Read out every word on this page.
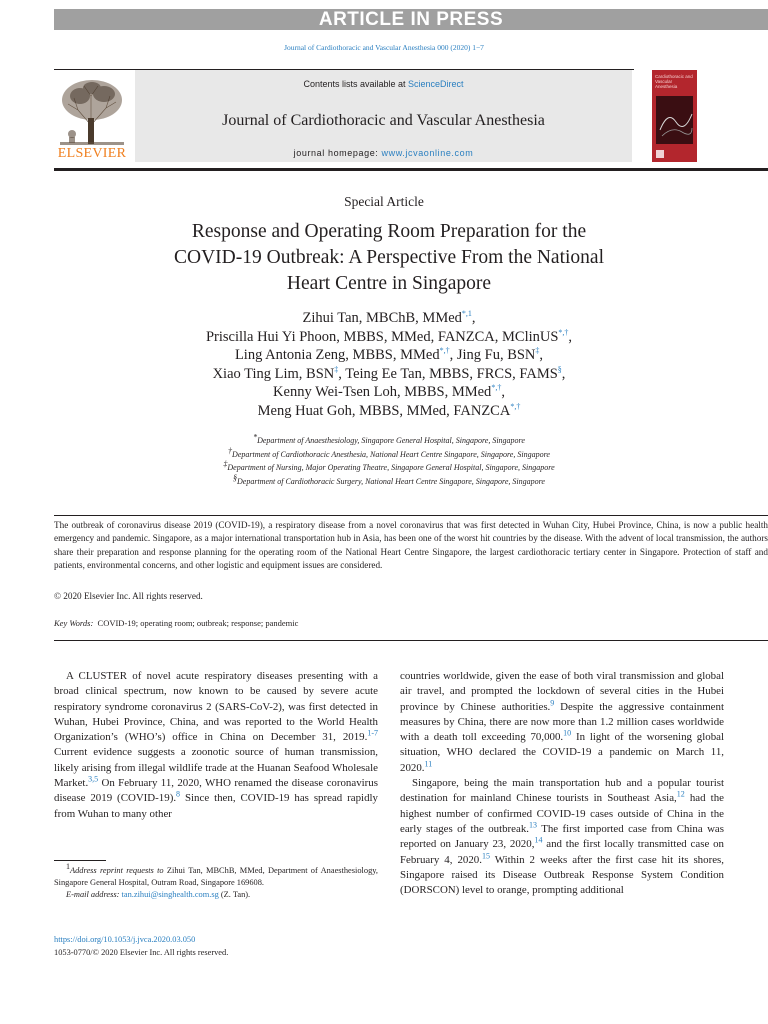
ARTICLE IN PRESS
Journal of Cardiothoracic and Vascular Anesthesia 000 (2020) 1−7
ELSEVIER
Contents lists available at ScienceDirect
Journal of Cardiothoracic and Vascular Anesthesia
journal homepage: www.jcvaonline.com
Cardiothoracic and Vascular Anesthesia
Special Article
Response and Operating Room Preparation for the
COVID-19 Outbreak: A Perspective From the National
Heart Centre in Singapore
Zihui Tan, MBChB, MMed$^{*,1}$,
Priscilla Hui Yi Phoon, MBBS, MMed, FANZCA, MClinUS*,†,
Ling Antonia Zeng, MBBS, MMed*,†, Jing Fu, BSN‡,
Xiao Ting Lim, BSN‡, Teing Ee Tan, MBBS, FRCS, FAMS§,
Kenny Wei-Tsen Loh, MBBS, MMed*,†,
Meng Huat Goh, MBBS, MMed, FANZCA*,†
*Department of Anaesthesiology, Singapore General Hospital, Singapore, Singapore
†Department of Cardiothoracic Anesthesia, National Heart Centre Singapore, Singapore, Singapore
‡Department of Nursing, Major Operating Theatre, Singapore General Hospital, Singapore, Singapore
§Department of Cardiothoracic Surgery, National Heart Centre Singapore, Singapore, Singapore
The outbreak of coronavirus disease 2019 (COVID-19), a respiratory disease from a novel coronavirus that was first detected in Wuhan City, Hubei Province, China, is now a public health emergency and pandemic. Singapore, as a major international transportation hub in Asia, has been one of the worst hit countries by the disease. With the advent of local transmission, the authors share their preparation and response planning for the operating room of the National Heart Centre Singapore, the largest cardiothoracic tertiary center in Singapore. Protection of staff and patients, environmental concerns, and other logistic and equipment issues are considered.
© 2020 Elsevier Inc. All rights reserved.
Key Words: COVID-19; operating room; outbreak; response; pandemic

A CLUSTER of novel acute respiratory diseases presenting with a broad clinical spectrum, now known to be caused by severe acute respiratory syndrome coronavirus 2 (SARS-CoV-2), was first detected in Wuhan, Hubei Province, China, and was reported to the World Health Organization’s (WHO’s) office in China on December 31, 2019.$^{1-7}$ Current evidence suggests a zoonotic source of human transmission, likely arising from illegal wildlife trade at the Huanan Seafood Wholesale Market.$^{3,5}$ On February 11, 2020, WHO renamed the disease coronavirus disease 2019 (COVID-19).$^8$ Since then, COVID-19 has spread rapidly from Wuhan to many other

countries worldwide, given the ease of both viral transmission and global air travel, and prompted the lockdown of several cities in the Hubei province by Chinese authorities.$^9$ Despite the aggressive containment measures by China, there are now more than 1.2 million cases worldwide with a death toll exceeding 70,000.10 In light of the worsening global situation, WHO declared the COVID-19 a pandemic on March 11, 2020.11

Singapore, being the main transportation hub and a popular tourist destination for mainland Chinese tourists in Southeast Asia,$^{12}$ had the highest number of confirmed COVID-19 cases outside of China in the early stages of the outbreak.$^{13}$ The first imported case from China was reported on January 23, 2020,14 and the first locally transmitted case on February 4, 2020.15 Within 2 weeks after the first case hit its shores, Singapore raised its Disease Outbreak Response System Condition (DORSCON) level to orange, prompting additional

$^1$Address reprint requests to Zihui Tan, MBChB, MMed, Department of Anaesthesiology, Singapore General Hospital, Outram Road, Singapore 169608.

E-mail address: tan.zihui@singhealth.com.sg (Z. Tan).

https://doi.org/10.1053/j.jvca.2020.03.050
1053-0770/© 2020 Elsevier Inc. All rights reserved.
